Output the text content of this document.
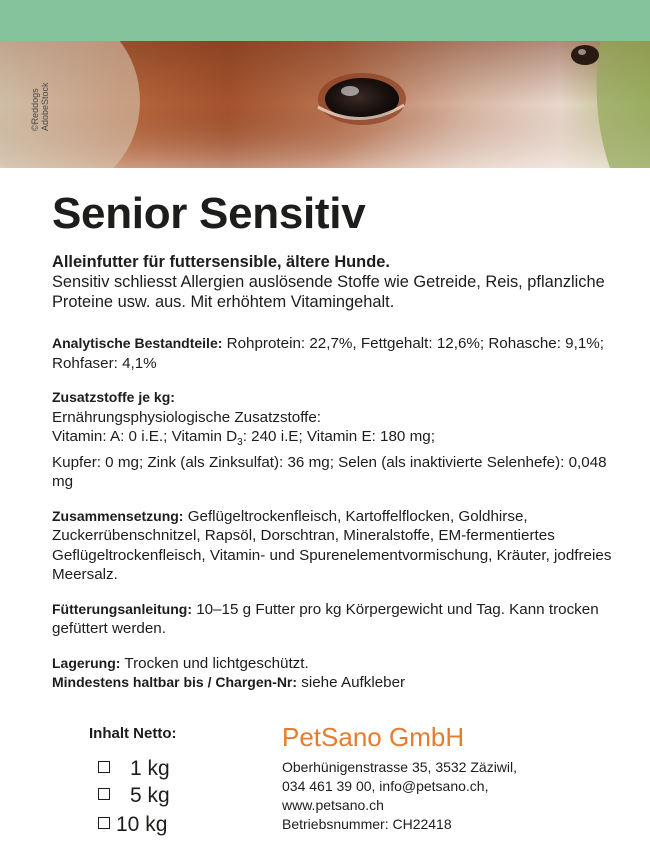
©Reddogs AdobeStock
Senior Sensitiv
Alleinfutter für futtersensible, ältere Hunde.
Sensitiv schliesst Allergien auslösende Stoffe wie Getreide, Reis, pflanzliche Proteine usw. aus. Mit erhöhtem Vitamingehalt.
Analytische Bestandteile: Rohprotein: 22,7%, Fettgehalt: 12,6%; Rohasche: 9,1%; Rohfaser: 4,1%
Zusatzstoffe je kg:
Ernährungsphysiologische Zusatzstoffe:
Vitamin: A: 0 i.E.; Vitamin $D_3$: 240 i.E; Vitamin E: 180 mg;
Kupfer: 0 mg; Zink (als Zinksulfat): 36 mg; Selen (als inaktivierte Selenhefe): 0,048 mg
Zusammensetzung: Geflügeltrockenfleisch, Kartoffelflocken, Goldhirse, Zuckerrübenschnitzel, Rapsöl, Dorschtran, Mineralstoffe, EM-fermentiertes Geflügeltrockenfleisch, Vitamin- und Spurenelementvormischung, Kräuter, jodfreies Meersalz.
Fütterungsanleitung: 10–15 g Futter pro kg Körpergewicht und Tag. Kann trocken gefüttert werden.
Lagerung: Trocken und lichtgeschützt.
Mindestens haltbar bis / Chargen-Nr: siehe Aufkleber
Inhalt Netto:
1 kg
5 kg
10 kg
PetSano GmbH
Oberhünigenstrasse 35, 3532 Zäziwil,
034 461 39 00, info@petsano.ch,
www.petsano.ch
Betriebsnummer: CH22418
